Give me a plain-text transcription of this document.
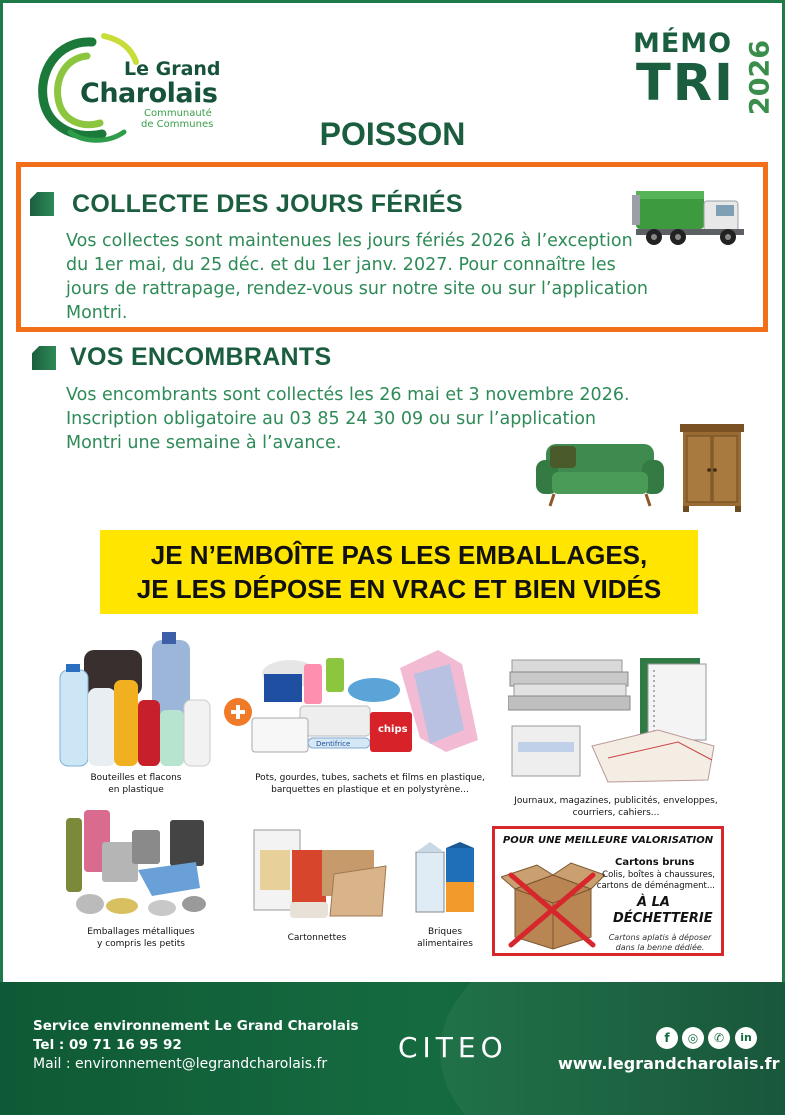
Le Grand
Charolais
Communauté
de Communes
MÉMO
TRI 2026
POISSON
COLLECTE DES JOURS FÉRIÉS
Vos collectes sont maintenues les jours fériés 2026 à l’exception
du 1er mai, du 25 déc. et du 1er janv. 2027. Pour connaître les
jours de rattrapage, rendez-vous sur notre site ou sur l’application
Montri.
VOS ENCOMBRANTS
Vos encombrants sont collectés les 26 mai et 3 novembre 2026.
Inscription obligatoire au 03 85 24 30 09 ou sur l’application
Montri une semaine à l’avance.
JE N’EMBOÎTE PAS LES EMBALLAGES,
JE LES DÉPOSE EN VRAC ET BIEN VIDÉS
Bouteilles et flacons
en plastique
Dentifrice
chips
Pots, gourdes, tubes, sachets et films en plastique,
barquettes en plastique et en polystyrène...
Journaux, magazines, publicités, enveloppes,
courriers, cahiers...
Emballages métalliques
y compris les petits
Cartonnettes
Briques
alimentaires
POUR UNE MEILLEURE VALORISATION
Cartons bruns
Colis, boîtes à chaussures,
cartons de déménagment...
À LA
DÉCHETTERIE
Cartons aplatis à déposer
dans la benne dédiée.
Service environnement Le Grand Charolais
Tel : 09 71 16 95 92
Mail : environnement@legrandcharolais.fr	CITEO	f	◎	✆	in
www.legrandcharolais.fr
